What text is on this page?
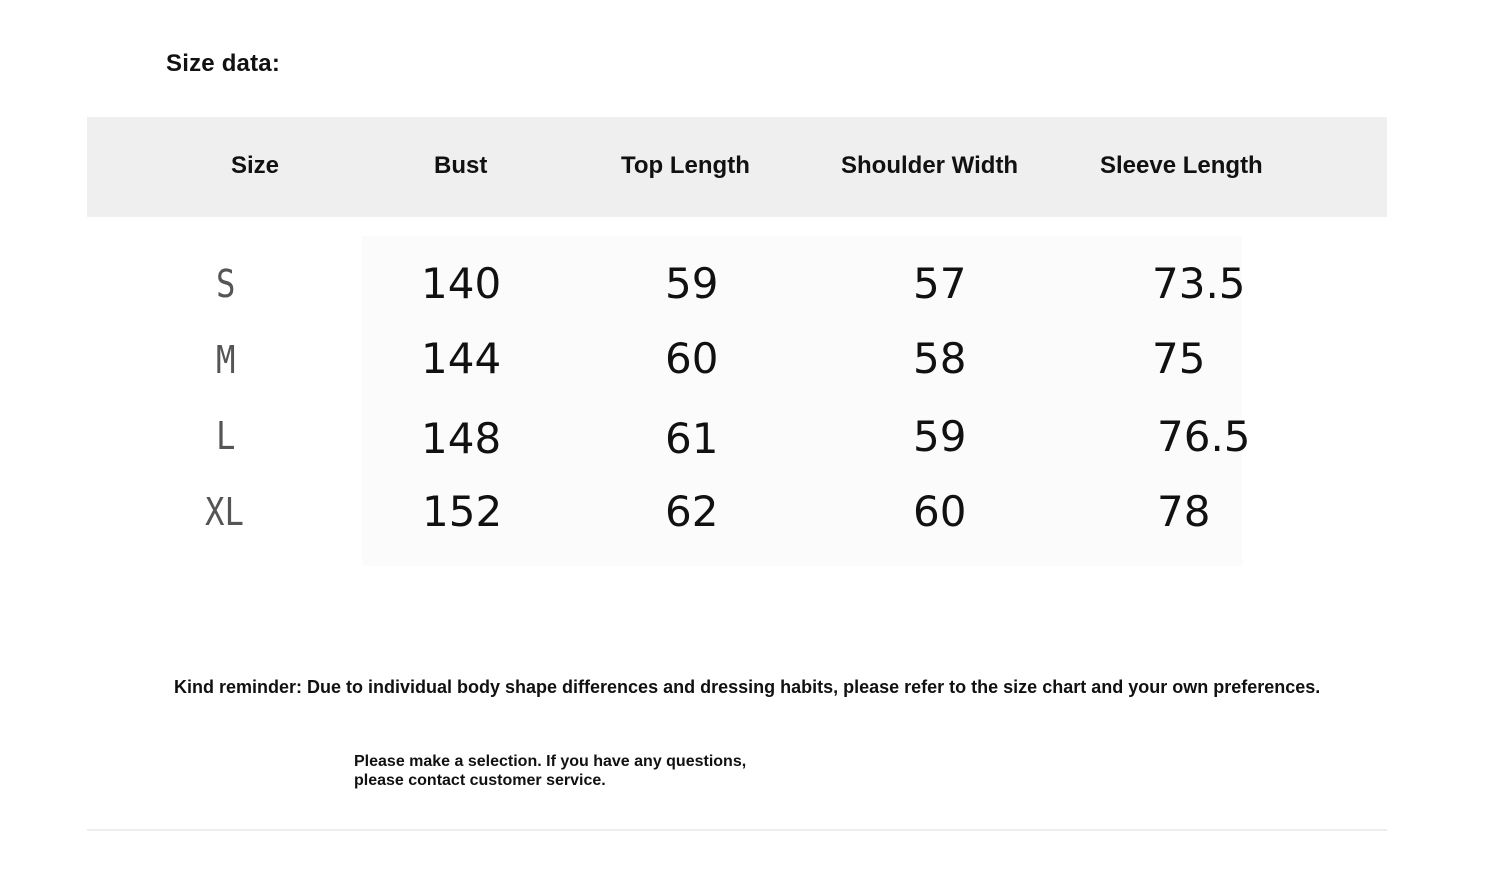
Size data:
Size	Bust	Top Length	Shoulder Width	Sleeve Length
S	140	59	57	73.5
M	144	60	58	75
L	148	61	59	76.5
XL	152	62	60	78
Kind reminder: Due to individual body shape differences and dressing habits, please refer to the size chart and your own preferences.
Please make a selection. If you have any questions,
please contact customer service.
